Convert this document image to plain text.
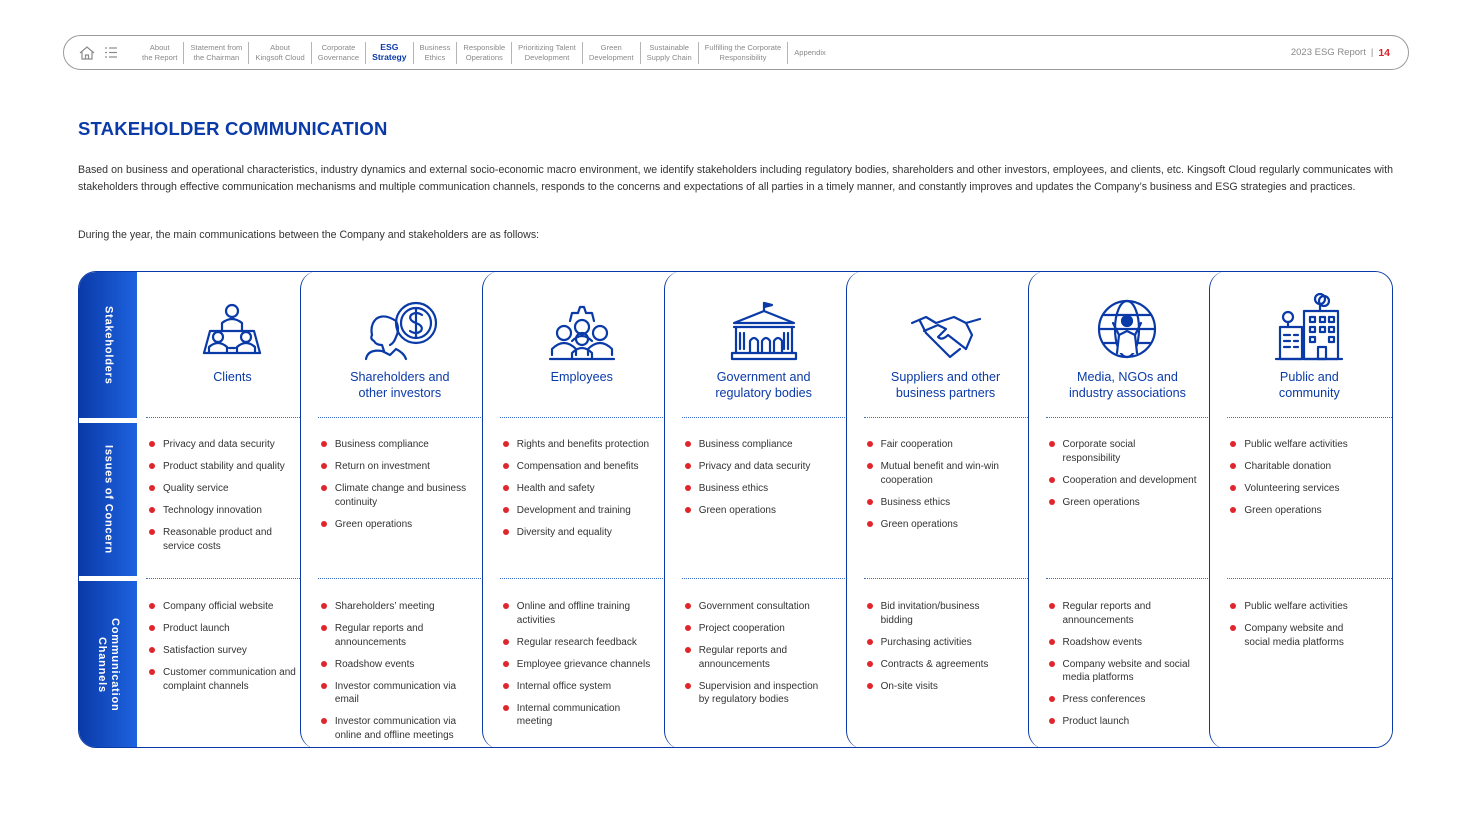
About
the Report
Statement from
the Chairman
About
Kingsoft Cloud
Corporate
Governance
ESG
Strategy
Business
Ethics
Responsible
Operations
Prioritizing Talent
Development
Green
Development
Sustainable
Supply Chain
Fulfilling the Corporate
Responsibility
Appendix	2023 ESG Report | 14
STAKEHOLDER COMMUNICATION

Based on business and operational characteristics, industry dynamics and external socio-economic macro environment, we identify stakeholders including regulatory bodies, shareholders and other investors, employees, and clients, etc. Kingsoft Cloud regularly communicates with stakeholders through effective communication mechanisms and multiple communication channels, responds to the concerns and expectations of all parties in a timely manner, and constantly improves and updates the Company’s business and ESG strategies and practices.

During the year, the main communications between the Company and stakeholders are as follows:

Stakeholders
Issues of Concern
Communication
Channels
Clients
Privacy and data security
Product stability and quality
Quality service
Technology innovation
Reasonable product and
service costs
Company official website
Product launch
Satisfaction survey
Customer communication and
complaint channels
Shareholders and
other investors
Business compliance
Return on investment
Climate change and business
continuity
Green operations
Shareholders’ meeting
Regular reports and
announcements
Roadshow events
Investor communication via
email
Investor communication via
online and offline meetings
Employees
Rights and benefits protection
Compensation and benefits
Health and safety
Development and training
Diversity and equality
Online and offline training
activities
Regular research feedback
Employee grievance channels
Internal office system
Internal communication
meeting
Government and
regulatory bodies
Business compliance
Privacy and data security
Business ethics
Green operations
Government consultation
Project cooperation
Regular reports and
announcements
Supervision and inspection
by regulatory bodies
Suppliers and other
business partners
Fair cooperation
Mutual benefit and win-win
cooperation
Business ethics
Green operations
Bid invitation/business
bidding
Purchasing activities
Contracts & agreements
On-site visits
Media, NGOs and
industry associations
Corporate social
responsibility
Cooperation and development
Green operations
Regular reports and
announcements
Roadshow events
Company website and social
media platforms
Press conferences
Product launch
Public and
community
Public welfare activities
Charitable donation
Volunteering services
Green operations
Public welfare activities
Company website and
social media platforms
